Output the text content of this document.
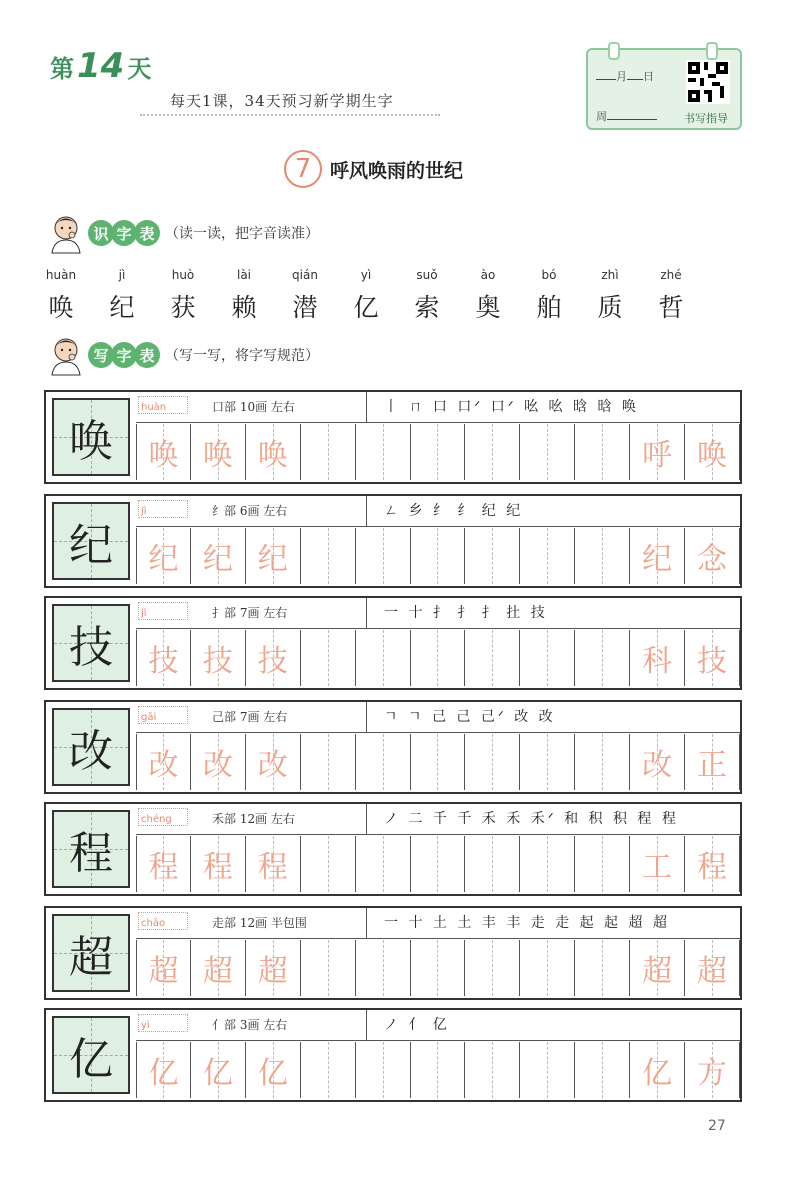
第14 天
每天1课，34天预习新学期生字
月 日
周	书写指导
7 呼风唤雨的世纪
识 字 表 （读一读，把字音读准）
huàn
唤
jì
纪
huò
获
lài
赖
qián
潜
yì
亿
suǒ
索
ào
奥
bó
舶
zhì
质
zhé
哲
写 字 表 （写一写，将字写规范）
唤
huàn	口部 10画 左右	丨 ㄇ 口 口ᐟ 口ᐟ 吆 吆 晗 晗 唤
唤 唤 唤	呼 唤
纪
jì	纟部 6画 左右	ㄥ 乡 纟 纟 纪 纪
纪 纪 纪	纪 念
技
jì	扌部 7画 左右	一 十 扌 扌 扌 扗 技
技 技 技	科 技
改
gǎi	己部 7画 左右	ㄱ ㄱ 己 己 己ᐟ 改 改
改 改 改	改 正
程
chéng	禾部 12画 左右	ノ 二 千 千 禾 禾 禾ᐟ 和 积 积 程 程
程 程 程	工 程
超
chāo	走部 12画 半包围	一 十 土 土 丰 丰 走 走 起 起 超 超
超 超 超	超 超
亿
yì	亻部 3画 左右	ノ 亻 亿
亿 亿 亿	亿 方
27
